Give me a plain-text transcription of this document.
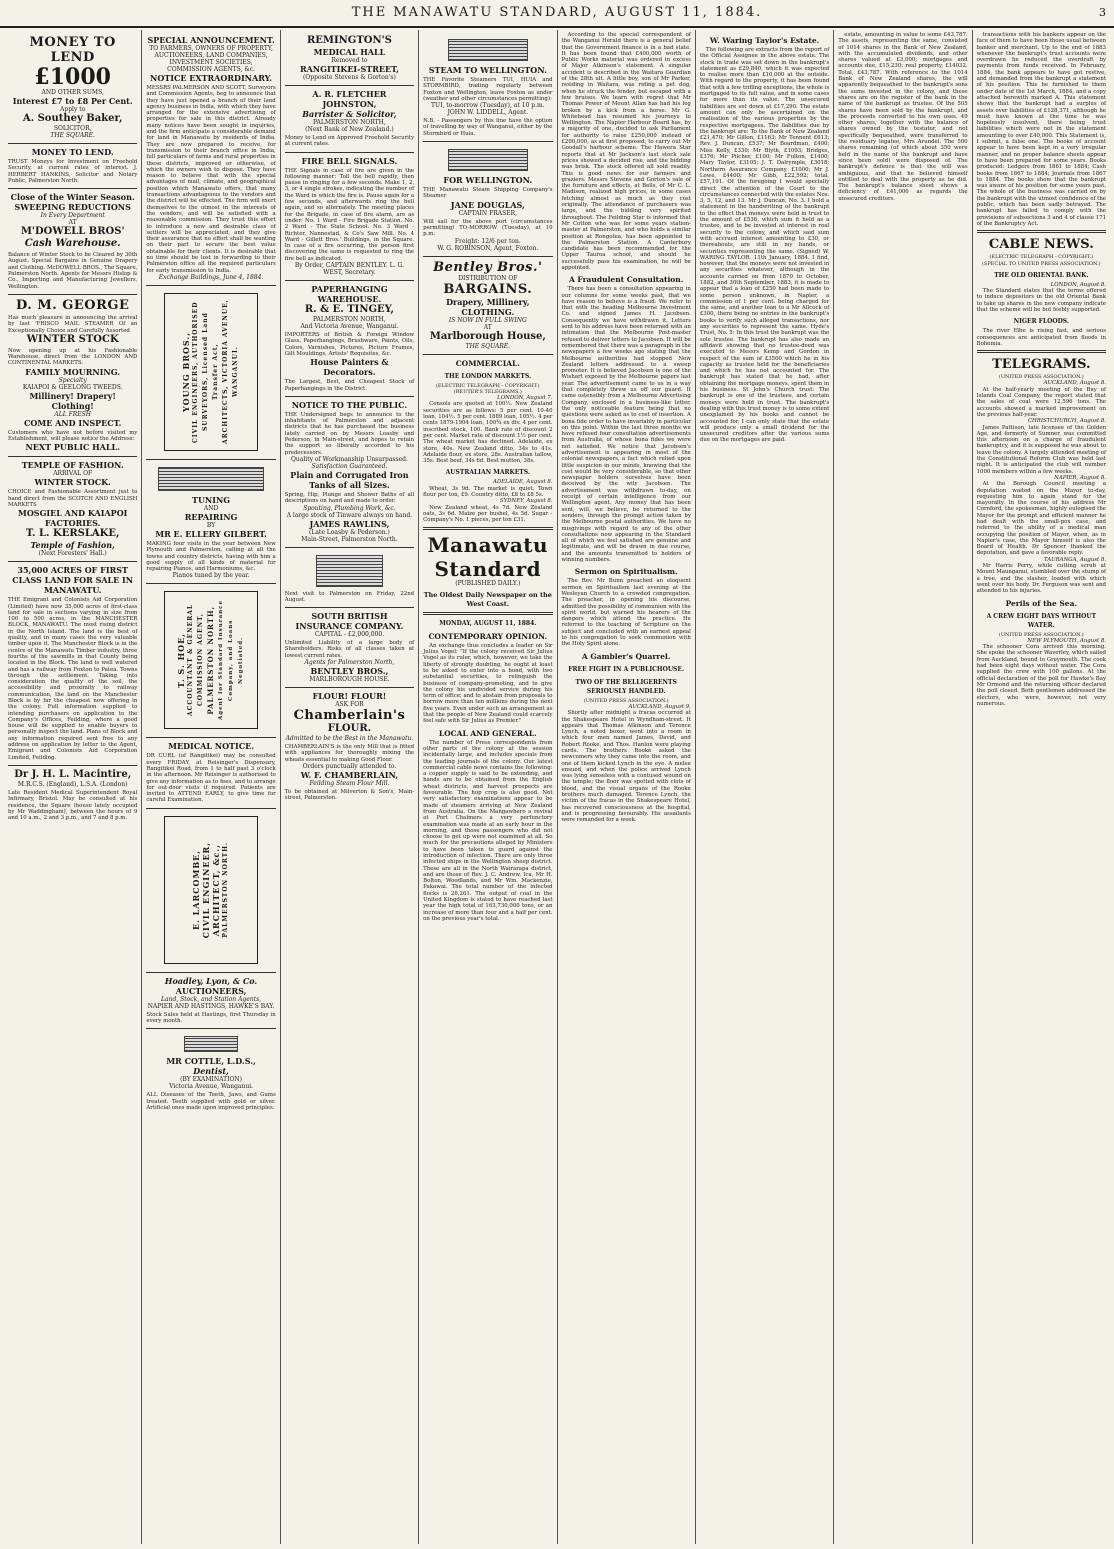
THE MANAWATU STANDARD, AUGUST 11, 1884.	3
MONEY TO LEND
£1000
AND OTHER SUMS,
Interest £7 to £8 Per Cent.
Apply to
A. Southey Baker,
SOLICITOR,
THE SQUARE.
MONEY TO LEND.
TRUST Moneys for Investment on Freehold Security, at current rates of interest. J. HERBERT HANKINS, Solicitor and Notary Public, Palmerston North.
Close of the Winter Season.
SWEEPING REDUCTIONS
In Every Department
AT
M'DOWELL BROS'
Cash Warehouse.
Balance of Winter Stock to be Cleared by 30th August. Special Bargains in Genuine Drapery and Clothing. McDOWELL BROS., The Square, Palmerston North. Agents for Messrs Hislop & Co., Importing and Manufacturing Jewellers, Wellington.
D. M. GEORGE
Has much pleasure in announcing the arrival by last 'FRISCO MAIL STEAMER Of an Exceptionally Choice and Carefully Assorted
WINTER STOCK
Now opening up at his Fashionable Warehouse, direct from the LONDON AND CONTINENTAL MARKETS.
FAMILY MOURNING.
Specialty
KAIAPOI & GEELONG TWEEDS.
Millinery! Drapery! Clothing!
ALL FRESH
COME AND INSPECT.
Customers who have not before visited my Establishment, will please notice the Address:
NEXT PUBLIC HALL.
TEMPLE OF FASHION.
ARRIVAL OF
WINTER STOCK.
CHOICE and Fashionable Assortment just to hand direct from the SCOTCH AND ENGLISH MARKETS
MOSGIEL AND KAIAPOI FACTORIES.
T. L. KERSLAKE,
Temple of Fashion,
(Next Foresters' Hall.)
35,000 ACRES OF FIRST CLASS LAND FOR SALE IN MANAWATU.
THE Emigrant and Colonists Aid Corporation (Limited) have now 35,000 acres of first-class land for sale in sections varying in size from 100 to 500 acres, in the MANCHESTER BLOCK, MANAWATU. The most rising district in the North Island. The land is the best of quality, and in many cases the very valuable timber upon it. The Manchester Block is in the centre of the Manawatu Timber industry, three fourths of the sawmills in that County being located in the Block. The land is well watered and has a railway from Foxton to Patea. Towns through the settlement. Taking into consideration the quality of the soil, the accessibility and proximity to railway communication, the land on the Manchester Block is by far the cheapest now offering in the colony. Full information supplied to intending purchasers on application to the Company's Offices, Feilding, where a good house will be supplied to enable buyers to personally inspect the land. Plans of Block and any information required sent free to any address on application by letter to the Agent, Emigrant and Colonists Aid Corporation Limited, Feilding.
Dr J. H. L. Macintire,
M.R.C.S. (England), L.S.A. (London)
Late Resident Medical Superintendent Royal Infirmary, Bristol. May be consulted at his residence, the Square (house lately occupied by Mr Waddingham), between the hours of 9 and 10 a.m., 2 and 3 p.m., and 7 and 8 p.m.
SPECIAL ANNOUNCEMENT.
TO FARMERS, OWNERS OF PROPERTY, AUCTIONEERS, LAND COMPANIES, INVESTMENT SOCIETIES, COMMISSION AGENTS, &c.
NOTICE EXTRAORDINARY.
MESSRS PALMERSON AND SCOTT, Surveyors and Commission Agents, beg to announce that they have just opened a branch of their land agency business in India, with which they have arranged for the extensive advertising of properties for sale in this district. Already many notices have been sought in inquiries, and the firm anticipate a considerable demand for land in Manawatu by residents of India. They are now prepared to receive, for transmission to their branch office in India, full particulars of farms and rural properties in these districts, improved or otherwise, of which the owners wish to dispose. They have reason to believe that with the special advantages of mail, climate, and geographical position which Manawatu offers, that many transactions advantageous to the vendors and the district will be effected. The firm will exert themselves to the utmost in the interests of the vendors, and will be satisfied with a reasonable commission. They trust this effort to introduce a new and desirable class of settlers will be appreciated, and they give their assurance that no effort shall be wanting on their part to secure the best value obtainable for their clients. It is desirable that no time should be lost in forwarding to their Palmerston office all the required particulars for early transmission to India.
Exchange Buildings, June 4, 1884.
YOUNG BROS., CIVIL ENGINEERS, AUTHORISED SURVEYORS, Licensed Land Transfer Act, ARCHITECTS, VICTORIA AVENUE, WANGANUI.
TUNING
AND
REPAIRING
BY
MR E. ELLERY GILBERT.
MAKING four visits in the year between New Plymouth and Palmerston, calling at all the towns and country districts, having with him a good supply of all kinds of material for repairing Pianos, and Harmoniums, &c.
Pianos tuned by the year.
T. S. HOE, ACCOUNTANT & GENERAL COMMISSION AGENT, PALMERSTON NORTH, Agent for Standard Insurance Company, and Loans Negotiated.
MEDICAL NOTICE.
DR CURL (of Rangitikei) may be consulted every FRIDAY, at Reisinger's Dispensary, Rangitikei Road, from 1 to half past 3 o'clock in the afternoon. Mr Reisinger is authorised to give any information as to fees, and to arrange for out-door visits if required. Patients are invited to ATTEND EARLY, to give time for careful Examination.
E. LARCOMBE, CIVIL ENGINEER, ARCHITECT, &c., PALMERSTON NORTH.
Hoadley, Lyon, & Co.
AUCTIONEERS,
Land, Stock, and Station Agents,
NAPIER AND HASTINGS, HAWKE'S BAY.
Stock Sales held at Hastings, first Thursday in every month.
MR COTTLE, L.D.S.,
Dentist,
(BY EXAMINATION)
Victoria Avenue, Wanganui.
ALL Diseases of the Teeth, Jaws, and Gums treated. Teeth supplied with gold or silver. Artificial ones made upon improved principles.
REMINGTON'S
MEDICAL HALL
Removed to
RANGITIKEI-STREET,
(Opposite Stevens & Gorton's)
A. R. FLETCHER JOHNSTON,
Barrister & Solicitor,
PALMERSTON NORTH,
(Next Bank of New Zealand.)
Money to Lend on Approved Freehold Security at current rates.
FIRE BELL SIGNALS.
THE Signals in case of fire are given in the following manner: Toll the bell rapidly, then pause in ringing for a few seconds. Make 1, 2, 3, or 4 single strokes, indicating the number of the Ward in which the fire is. Pause again for a few seconds, and afterwards ring the bell again, and so alternately. The meeting places for the Brigade, in case of fire alarm, are as under: No. 1 Ward - Fire Brigade Station. No. 2 Ward - The State School. No. 3 Ward - Richter, Nannestad, & Co's Saw Mill. No. 4 Ward - Gillett Bros.' Buildings, in the Square. In case of a fire occurring, the person first discovering the same is requested to ring the fire bell as indicated.
By Order, CAPTAIN BENTLEY. L. G. WEST, Secretary.
PAPERHANGING
WAREHOUSE.
R. & E. TINGEY,
PALMERSTON NORTH,
And Victoria Avenue, Wanganui.
IMPORTERS of British & Foreign Window Glass, Paperhangings, Brushware, Paints, Oils, Colors, Varnishes, Pictures, Picture Frames, Gilt Mouldings, Artists' Requisites, &c.
House Painters & Decorators.
The Largest, Best, and Cheapest Stock of Paperhangings in the District.
NOTICE TO THE PUBLIC.
THE Undersigned begs to announce to the inhabitants of Palmerston and adjacent districts that he has purchased the business lately carried on by Messrs Loasby and Pederson, in Main-street, and hopes to retain the support so liberally accorded to his predecessors.
Quality of Workmanship Unsurpassed.
Satisfaction Guaranteed.
Plain and Corrugated Iron Tanks of all Sizes.
Spring, Hip, Plunge and Shower Baths of all descriptions on hand and made to order.
Spouting, Plumbing Work, &c.
A large stock of Tinware always on hand.
JAMES RAWLINS,
(Late Loasby & Pederson.)
Main-Street, Palmerston North.
Next visit to Palmerston on Friday, 22nd August.
SOUTH BRITISH INSURANCE COMPANY.
CAPITAL - £2,000,000.
Unlimited Liability of a large body of Shareholders. Risks of all classes taken at lowest current rates.
Agents for Palmerston North,
BENTLEY BROS.,
MARLBOROUGH HOUSE.
FLOUR! FLOUR!
ASK FOR
Chamberlain's
FLOUR.
Admitted to be the Best in the Manawatu.
CHAMBERLAIN'S is the only Mill that is fitted with appliances for thoroughly mixing the wheats essential to making Good Flour.
Orders punctually attended to.
W. F. CHAMBERLAIN,
Feilding Steam Flour Mill.
To be obtained at Milverton & Son's, Main-street, Palmerston.
STEAM TO WELLINGTON.
THE Favorite Steamers TUI, HUIA and STORMBIRD, trading regularly between Foxton and Wellington, leave Foxton as under (weather and other circumstances permitting):
TUI, to-morrow (Tuesday), at 10 p.m.
JOHN W. LIDDELL, Agent.
N.B. - Passengers by this line have the option of travelling by way of Wanganui, either by the Stormbird or Huia.
FOR WELLINGTON.
THE Manawatu Steam Shipping Company's Steamer
JANE DOUGLAS,
CAPTAIN FRASER,
Will sail for the above port (circumstances permitting) TO-MORROW (Tuesday), at 10 p.m.
Freight: 12/6 per ton.
W. G. ROBINSON, Agent, Foxton.
Bentley Bros.'
DISTRIBUTION OF
BARGAINS.
Drapery, Millinery,
CLOTHING.
IS NOW IN FULL SWING
AT
Marlborough House,
THE SQUARE.
COMMERCIAL.
THE LONDON MARKETS.
(ELECTRIC TELEGRAPH - COPYRIGHT.) (REUTER'S TELEGRAMS.)
LONDON, August 7.

Consols are quoted at 100½. New Zealand securities are as follows: 5 per cent. 10-40 loan, 104½. 5 per cent. 1889 loan, 105½. 4 per cents 1879-1904 loan, 100¾ ex div. 4 per cent. inscribed stock, 100. Bank rate of discount 2 per cent. Market rate of discount 1½ per cent. The wheat market has declined. Adelaide, ex store, 40s. New Zealand ditto, 34s to 41s. Adelaide flour, ex store, 28s. Australian tallow, 35s. Best beef, 34s 6d. Best mutton, 38s.

AUSTRALIAN MARKETS.
ADELAIDE, August 8.

Wheat, 3s 9d. The market is quiet. Town flour per ton, £9. Country ditto, £8 to £8 5s.

SYDNEY, August 8.

New Zealand wheat, 4s 7d. New Zealand oats, 3s 6d. Maize per bushel, 4s 5d. Sugar - Company's No. 1 pieces, per ton £31.

Manawatu Standard
(PUBLISHED DAILY.)
The Oldest Daily Newspaper on the West Coast.
MONDAY, AUGUST 11, 1884.
CONTEMPORARY OPINION.

An exchange thus concludes a leader on Sir Julius Vogel: "If the colony received Sir Julius Vogel as its ruler, which, however, we take the liberty of strongly doubting, he ought at least to be asked to enter into a bond, with two substantial securities, to relinquish the business of company-promoting, and to give the colony his undivided service during his term of office; and to abstain from proposals to borrow more than ten millions during the next five years. Even under such an arrangement as that the people of New Zealand could scarcely feel safe with Sir Julius as Premier."

LOCAL AND GENERAL.

The number of Press correspondents from other parts of the colony at the session incidentally large, and includes specials from the leading journals of the colony. Our latest commercial cable news contains the following: a copper supply is said to be extending, and hands are to be obtained from the English wheat districts, and harvest prospects are favourable. The hop crop is also good. Not very satisfactory examinations appear to be made of steamers arriving at New Zealand from Australia. On the Mangawhero a revival at Port Chalmers a very perfunctory examination was made at an early hour in the morning, and those passengers who did not choose to get up were not examined at all. So much for the precautions alleged by Ministers to have been taken to guard against the introduction of infection. There are only three infected ships in the Wellington sheep district. These are all in the North Wairarapa district, and are those of Rev. J. C. Andrew, Ica, Mr H. Bolton, Woodlands, and Mr Wm. Mackenzie, Pakawai. The total number of the infected flocks is 26,261. The output of coal in the United Kingdom is stated to have reached last year the high total of 163,730,000 tons, or an increase of more than four and a half per cent. on the previous year's total.

According to the special correspondent of the Wanganui Herald there is a general belief that the Government finance is in a bad state. It has been found that £400,000 worth of Public Works material was ordered in excess of Major Atkinson's statement. A singular accident is described in the Waitara Guardian of the 28th ult. A little boy, son of Mr Parker, residing in Waitara, was riding a pet dog, when he struck the fender, but escaped with a few bruises. We learn with regret that Mr Thomas Power of Mount Allan has had his leg broken by a kick from a horse. Mr G. Whitehead has resumed his journeys to Wellington. The Napier Harbour Board has, by a majority of one, decided to ask Parliament for authority to raise £250,000 instead of £200,000, as at first proposed, to carry out Mr Goodall's harbour scheme. The Hawera Star reports that at Mr Jackson's last stock sale prices showed a decided rise, and the bidding was brisk. The stock offered all sold readily. This is good news for our farmers and graziers. Messrs Stevens and Gorton's sale of the furniture and effects, at Bells, of Mr C. L. Madison, realized high prices, in some cases fetching almost as much as they cost originally. The attendance of purchasers was large, and the bidding very spirited throughout. The Feilding Star is informed that Mr Cotton who was for some years station-master at Palmerston, and who holds a similar position at Rongotea, has been appointed to the Palmerston Station. A Canterbury candidate has been recommended for the Upper Tauroa school, and should he successfully pass his examination, he will be appointed.

A Fraudulent Consultation.

There has been a consultation appearing in our columns for some weeks past, that we have reason to believe is a fraud. We refer to that with the heading Melbourne Investment Co. and signed James H. Jacobsen. Consequently we have withdrawn it. Letters sent to his address have been returned with an intimation that the Melbourne Post-master refused to deliver letters to Jacobsen. It will be remembered that there was a paragraph in the newspapers a few weeks ago stating that the Melbourne authorities had stopped New Zealand letters addressed to a sweep promoter. It is believed Jacobsen is one of the Wishart exposed by the Melbourne papers last year. The advertisement came to us in a way that completely threw us off our guard. It came ostensibly from a Melbourne Advertising Company, enclosed in a business-like letter, the only noticeable feature being that no questions were asked as to cost of insertion. A bona fide order to have invariably in particular on this point. Within the last three months we have refused four consultation advertisements from Australia, of whose bona fides we were not satisfied. We notice that Jacobsen's advertisement is appearing in most of the colonial newspapers, a fact which relied upon little suspicion in our minds, knowing that the cost would be very considerable, so that other newspaper holders ourselves have been deceived by the wily Jacobsen. The advertisement was withdrawn to-day, on receipt of certain intelligence from our Wellington agent. Any money that has been sent, will, we believe, be returned to the senders, through the prompt action taken by the Melbourne postal authorities. We have no misgivings with regard to any of the other consultations now appearing in the Standard all of which we feel satisfied are genuine and legitimate, and will be drawn in due course, and the amounts transmitted to holders of winning numbers.

Sermon on Spiritualism.

The Rev. Mr Bunn preached an eloquent sermon on Spiritualism last evening at the Wesleyan Church to a crowded congregation. The preacher, in opening his discourse, admitted the possibility of communion with the spirit world, but warned his hearers of the dangers which attend the practice. He referred to the teaching of Scripture on the subject and concluded with an earnest appeal to his congregation to seek communion with the Holy Spirit alone.

A Gambler's Quarrel.
FREE FIGHT IN A PUBLICHOUSE.
TWO OF THE BELLIGERENTS SERIOUSLY HANDLED.
(UNITED PRESS ASSOCIATION.)
AUCKLAND, August 9.

Shortly after midnight a fracas occurred at the Shakespeare Hotel in Wyndham-street. It appears that Thomas Atkinson and Terence Lynch, a noted boxer, went into a room in which four men named James, David, and Robert Rooke, and Thos. Hanlon were playing cards. The brothers Rooke asked the newcomers why they came into the room, and one of them kicked Lynch in the eye. A melee ensued, and when the police arrived Lynch was lying senseless with a contused wound on the temple; the floor was spotted with clots of blood, and the visual organs of the Rooke brothers much damaged. Terence Lynch, the victim of the fracas in the Shakespeare Hotel, has recovered consciousness at the hospital, and is progressing favourably. His assailants were remanded for a week.

W. Waring Taylor's Estate.

The following are extracts from the report of the Official Assignee in the above estate. The stock in trade was set down in the bankrupt's statement as £29,840, which it was expected to realise more than £10,000 at the outside. With regard to the property, it has been found that with a few trifling exceptions, the whole is mortgaged to its full value, and in some cases for more than its value. The unsecured liabilities are set down at £17,290. The estate amount can only be ascertained on the realisation of the various properties by the respective mortgagees. The liabilities due by the bankrupt are: To the Bank of New Zealand £21,470; Mr Gillon, £1163; Mr Tennent £613; Rev. J. Duncan, £537; Mr Boardman, £400; Miss Kelly, £330; Mr Blyth, £1093; Bridges, £376; Mr Pilcher, £100; Mr Fulton, £1400; Mary Taylor, £3105; J. T. Dalrymple, £3018; Northern Assurance Company, £1000; Mr J. Lowe, £4400; Mr Gibb, £22,592; total, £57,191. Of the foregoing I would specially direct the attention of the Court to the circumstances connected with the estates Nos. 3, 5, 12, and 13. Mr J. Duncan, No. 3. I hold a statement in the handwriting of the bankrupt to the effect that moneys were held in trust to the amount of £536, which sum it held as a trustee, and to be invested at interest in real security to the colony, and which said sum with accrued interest amounting to £30, or thereabouts, are still in my hands, or securities representing the same. (Signed) W. WARING TAYLOR. 11th January, 1884. I find, however, that the moneys were not invested in any securities whatever, although in the accounts carried on from 1870 to October, 1882, and 30th September, 1883, it is made to appear that a loan of £250 had been made to some person unknown, in Napier, a commission of 1 per cent. being charged for the same, and another loan to a Mr Allcock of £300, there being no entries in the bankrupt's books to verify such alleged transactions, nor any securities to represent the same. Hyde's Trust, No. 5: In this trust the bankrupt was the sole trustee. The bankrupt has also made an affidavit showing that no trustee-deed was executed to Messrs Kemp and Gordon in respect of the sum of £3500 which he in his capacity as trustee held for the beneficiaries and which he has not accounted for. The bankrupt has stated that he had, after obtaining the mortgage moneys, spent them in his business. St John's Church trust: The bankrupt is one of the trustees, and certain moneys were held in trust. The bankrupt's dealing with this trust money is to some extent unexplained by his books and cannot be accounted for. I can only state that the estate will produce only a small dividend for the unsecured creditors after the various sums due on the mortgages are paid.

estate, amounting in value to some £43,787. The assets, representing the same, consisted of 1014 shares in the Bank of New Zealand, with the accumulated dividends, and other shares valued at £3,000; mortgages and accounts due, £15,230; real property, £14032. Total, £43,787. With reference to the 1014 Bank of New Zealand shares, the will apparently bequeathed to the bankrupt's sons the sums invested in the colony, and these shares are on the register of the bank in the name of the bankrupt as trustee. Of the 505 shares have been sold by the bankrupt, and the proceeds converted to his own uses. 49 other shares, together with the balance of shares owned by the testator, and not specifically bequeathed, were transferred to the residuary legatee, Mrs Arundel. The 500 shares remaining (of which about 350 were held in the name of the bankrupt and have since been sold) were disposed of. The bankrupt's defence is that the will was ambiguous, and that he believed himself entitled to deal with the property as he did. The bankrupt's balance sheet shows a deficiency of £41,000 as regards the unsecured creditors.

transactions with his bankers appear on the face of them to have been those usual between banker and merchant. Up to the end of 1883 whenever the bankrupt's trust accounts were overdrawn he reduced the overdraft by payments from funds received. In February, 1884, the bank appears to have got restive, and demanded from the bankrupt a statement of his position. This he furnished to them under date of the 1st March, 1884, and a copy attached herewith marked A. This statement shows that the bankrupt had a surplus of assets over liabilities of £128,371, although he must have known at the time he was hopelessly insolvent, there being trust liabilities which were not in the statement amounting to over £40,000. This Statement is, I submit, a false one. The books of account appear to have been kept in a very irregular manner, and no proper balance sheets appear to have been prepared for some years. Books produced: Ledgers from 1861 to 1884; Cash books from 1867 to 1884; Journals from 1867 to 1884. The books show that the bankrupt was aware of his position for some years past. The whole of the business was carried on by the bankrupt with the utmost confidence of the public, which has been sadly betrayed. The bankrupt has failed to comply with the provisions of subsections 3 and 4 of clause 171 of the Bankruptcy Act.

CABLE NEWS.
(ELECTRIC TELEGRAPH - COPYRIGHT.) (SPECIAL TO UNITED PRESS ASSOCIATION.)
THE OLD ORIENTAL BANK.
LONDON, August 8.

The Standard states that the terms offered to induce depositors in the old Oriental Bank to take up shares in the new company indicate that the scheme will be but feebly supported.

NIGER FLOODS.

The river Elbe is rising fast, and serious consequences are anticipated from floods in Bohemia.

TELEGRAMS.
(UNITED PRESS ASSOCIATION.)
AUCKLAND, August 8.

At the half-yearly meeting of the Bay of Islands Coal Company, the report stated that the sales of coal were 12,596 tons. The accounts showed a marked improvement on the previous half-year.

CHRISTCHURCH, August 8.

James Pattison, late licensee of the Golden Age, and formerly of Sumner, was committed this afternoon on a charge of fraudulent bankruptcy, and it is supposed he was about to leave the colony. A largely attended meeting of the Constitutional Reform Club was held last night. It is anticipated the club will number 1000 members within a few weeks.

NAPIER, August 8.

At the Borough Council meeting a deputation waited on the Mayor to-day, requesting him to again stand for the mayoralty. In the course of his address Mr Cornford, the spokesman, highly eulogised the Mayor for the prompt and efficient manner he had dealt with the small-pox case, and referred to the ability of a medical man occupying the position of Mayor, when, as in Napier's case, the Mayor himself is also the Board of Health. Dr Spencer thanked the deputation, and gave a favorable reply.

TAURANGA, August 8.

Mr Harris Perry, while cutting scrub at Mount Maunganui, stumbled over the stump of a tree, and the slasher, loaded with which went over his body. Dr. Ferguson was sent and attended to his injuries.

Perils of the Sea.
A CREW EIGHT DAYS WITHOUT WATER.
(UNITED PRESS ASSOCIATION.)
NEW PLYMOUTH, August 8.

The schooner Cora arrived this morning. She spoke the schooner Waverley, which sailed from Auckland, bound to Greymouth. The cook had been eight days without water. The Cora supplied the crew with 100 gallons. At the official declaration of the poll for Hawke's Bay Mr Ormond and the returning officer declared the poll closed. Both gentlemen addressed the electors, who were, however, not very numerous.
